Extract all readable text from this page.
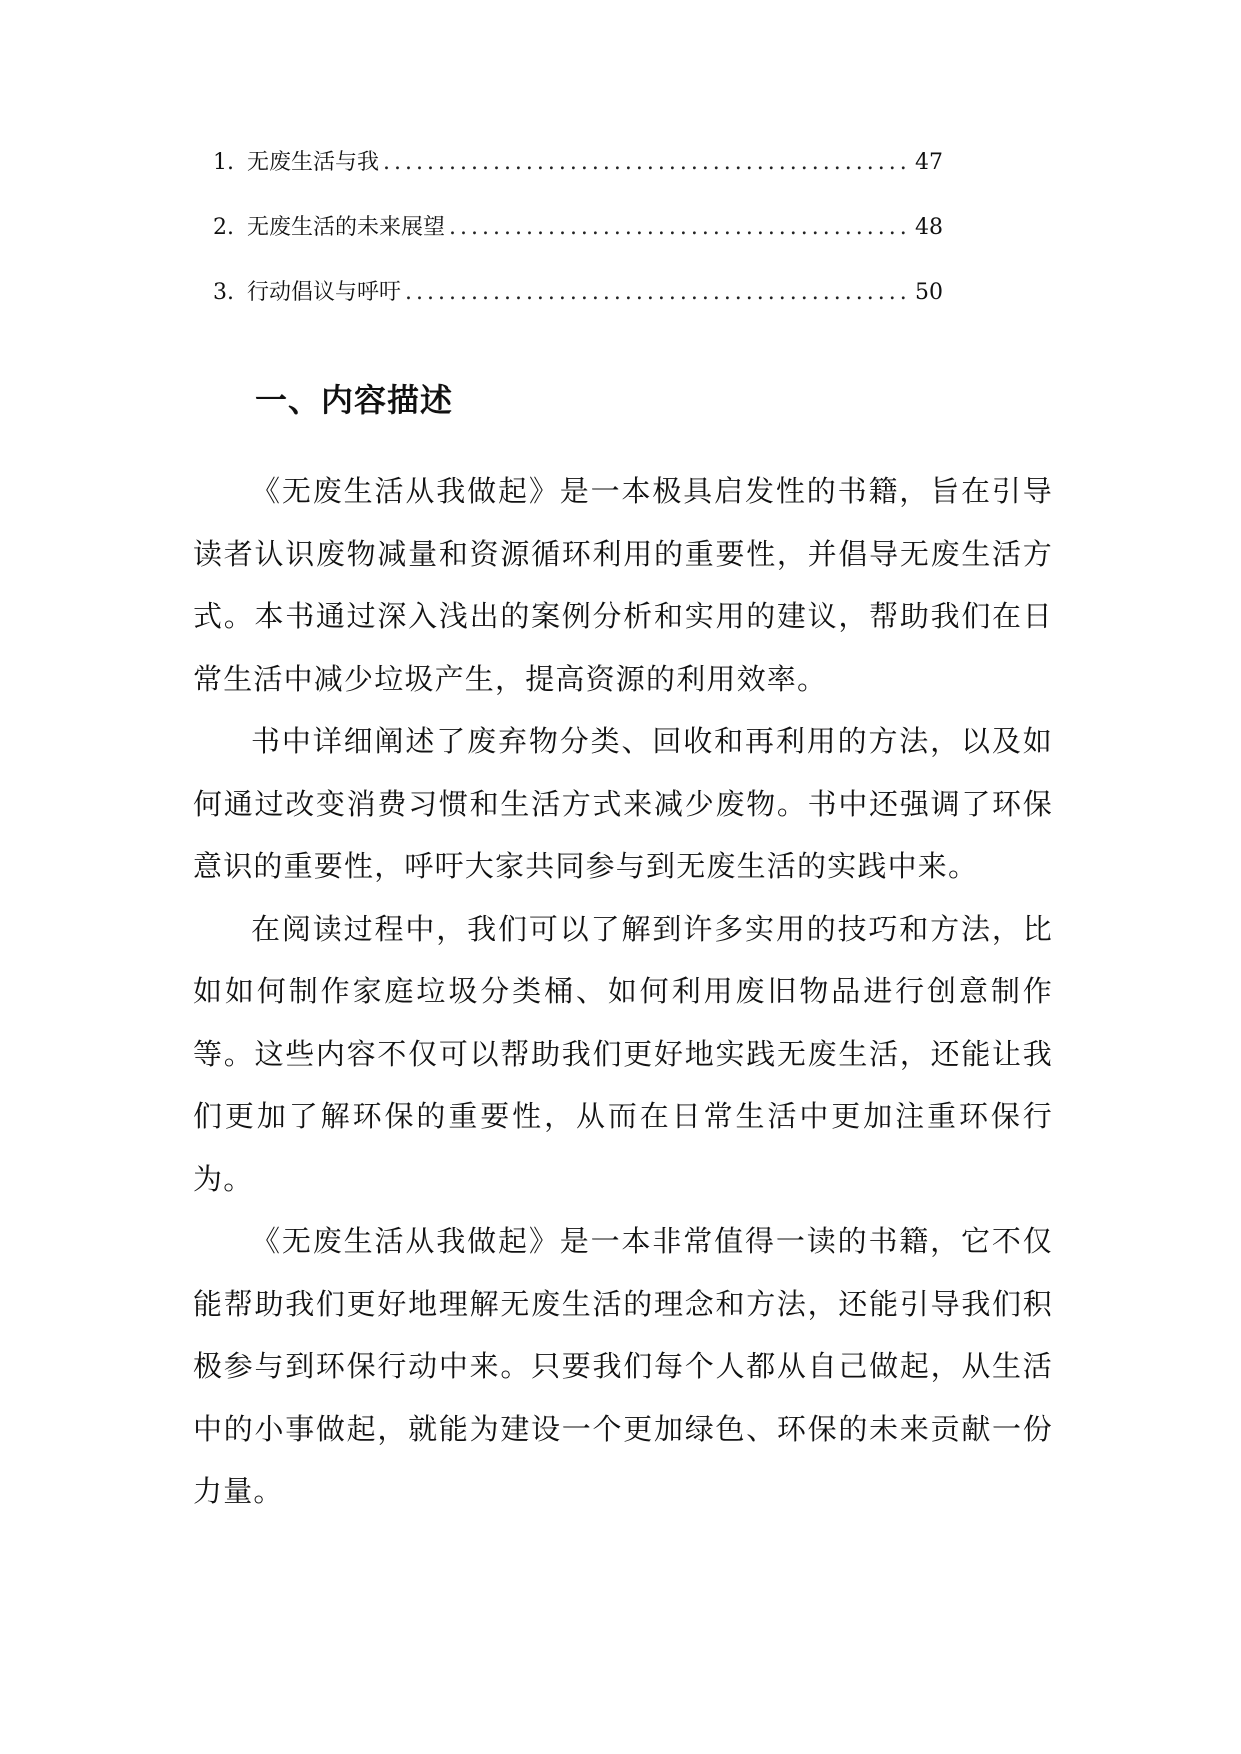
1. 无废生活与我 .....	47
2. 无废生活的未来展望 .....	48
3. 行动倡议与呼吁 .....	50
一、内容描述

《无废生活从我做起》是一本极具启发性的书籍，旨在引导读者认识废物减量和资源循环利用的重要性，并倡导无废生活方式。本书通过深入浅出的案例分析和实用的建议，帮助我们在日常生活中减少垃圾产生，提高资源的利用效率。

书中详细阐述了废弃物分类、回收和再利用的方法，以及如何通过改变消费习惯和生活方式来减少废物。书中还强调了环保意识的重要性，呼吁大家共同参与到无废生活的实践中来。

在阅读过程中，我们可以了解到许多实用的技巧和方法，比如如何制作家庭垃圾分类桶、如何利用废旧物品进行创意制作等。这些内容不仅可以帮助我们更好地实践无废生活，还能让我们更加了解环保的重要性，从而在日常生活中更加注重环保行为。

《无废生活从我做起》是一本非常值得一读的书籍，它不仅能帮助我们更好地理解无废生活的理念和方法，还能引导我们积极参与到环保行动中来。只要我们每个人都从自己做起，从生活中的小事做起，就能为建设一个更加绿色、环保的未来贡献一份力量。
